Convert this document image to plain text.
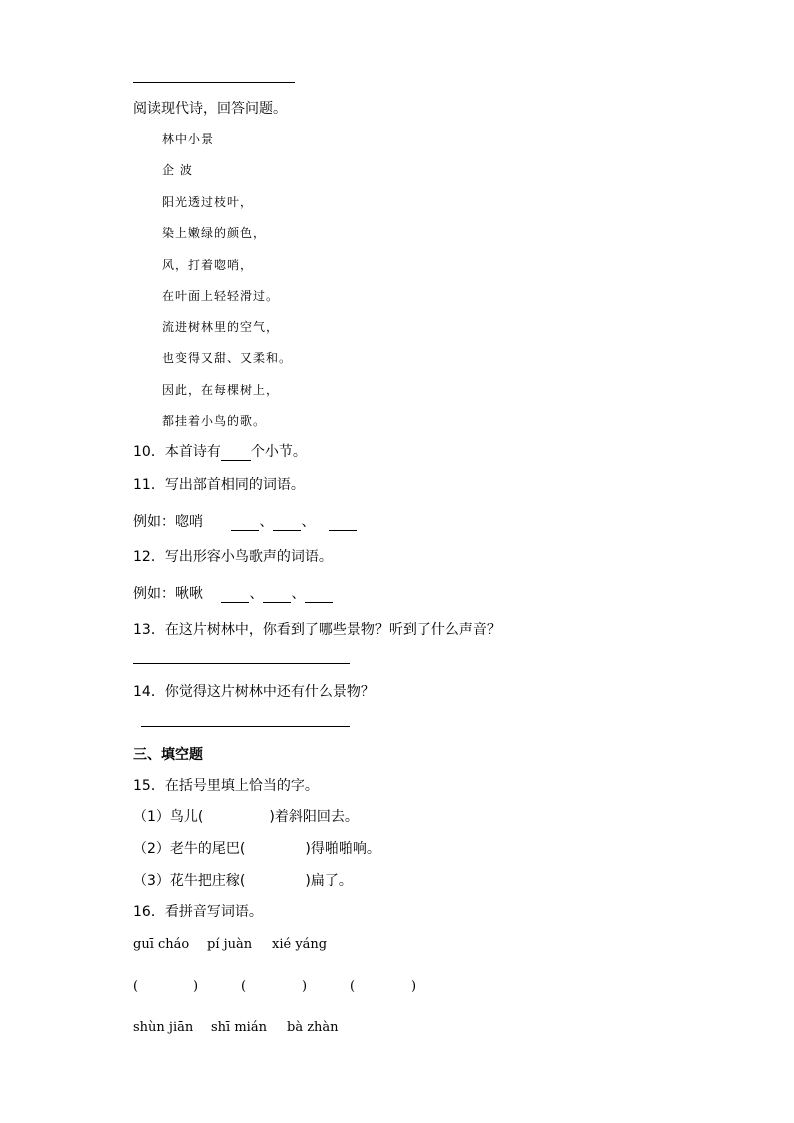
阅读现代诗，回答问题。
林中小景
企 波
阳光透过枝叶，
染上嫩绿的颜色，
风，打着唿哨，
在叶面上轻轻滑过。
流进树林里的空气，
也变得又甜、又柔和。
因此，在每棵树上，
都挂着小鸟的歌。
10．本首诗有 个小节。
11．写出部首相同的词语。
例如：唿哨	、 、
12．写出形容小鸟歌声的词语。
例如：啾啾	、 、
13．在这片树林中，你看到了哪些景物？听到了什么声音？
14．你觉得这片树林中还有什么景物？
三、填空题
15．在括号里填上恰当的字。
（1）鸟儿(	)着斜阳回去。
（2）老牛的尾巴(	)得啪啪响。
（3）花牛把庄稼(	)扁了。
16．看拼音写词语。
guī cháo pí juàn xié yáng
(	)	(	)	(	)
shùn jiān shī mián bà zhàn
